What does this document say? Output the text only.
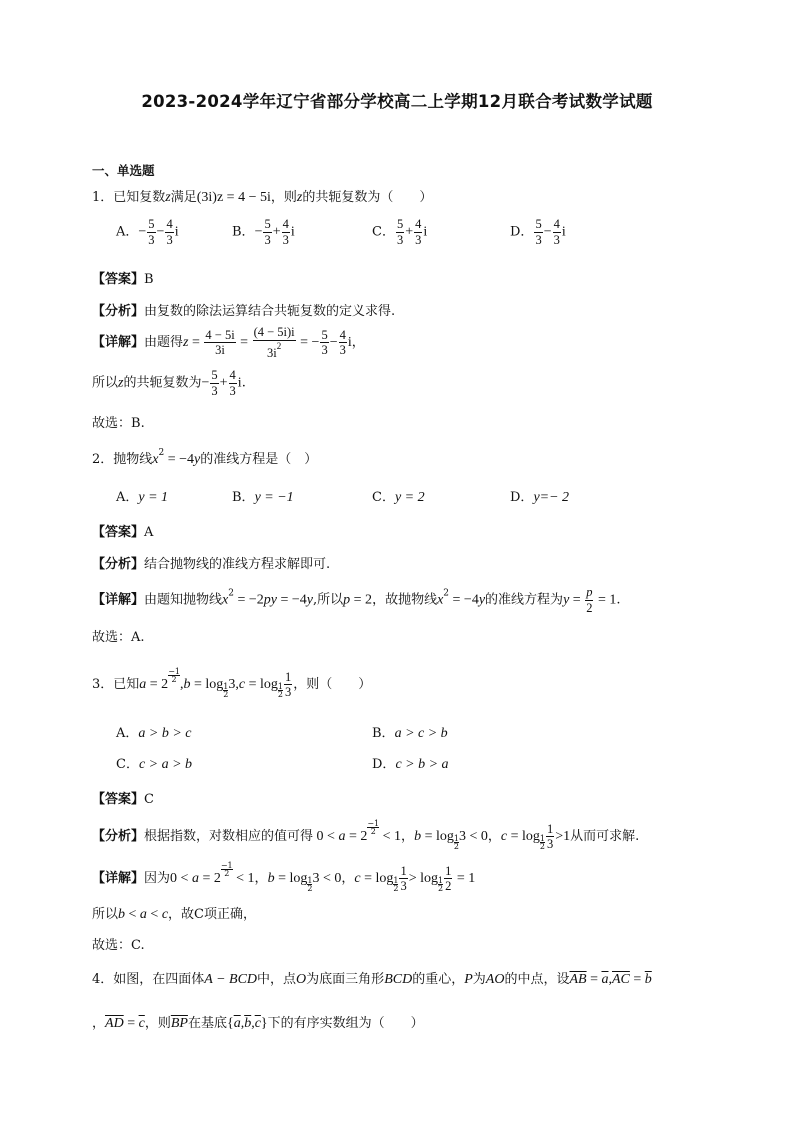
2023-2024学年辽宁省部分学校高二上学期12月联合考试数学试题
一、单选题
1．已知复数z满足(3i)z = 4 − 5i，则z的共轭复数为（　　）
A．− $\frac{5}{3} - \frac{4}{3}$ i	B．− $\frac{5}{3} + \frac{4}{3}$ i	C． $\frac{5}{3} + \frac{4}{3}$ i	D． $\frac{5}{3} - \frac{4}{3}$ i
【答案】B
【分析】由复数的除法运算结合共轭复数的定义求得.
【详解】由题得$z = \frac{4 - 5i}{3i} = \frac{(4 - 5i)i}{3i^2}$ = − $\frac{5}{3} - \frac{4}{3}$ i，
所以z的共轭复数为− $\frac{5}{3} + \frac{4}{3} i$.
故选：B.
2．抛物线$x^2 = -4y$的准线方程是（　）
A．y = 1	B．y = −1	C．y = 2	D．y=− 2
【答案】A
【分析】结合抛物线的准线方程求解即可.
【详解】由题知抛物线$x^2 = -2py = -4y$,所以p = 2，故抛物线$x^2 = -4y$的准线方程为$y = \frac{p}{2} = 1$.
故选：A.
3．已知a = 2
$\frac{-1}{2}$
$,b = \log \frac{1}{2} 3,c = \log \frac{1}{2} \frac{1}{3}$ ，则（　　）
A．a > b > c	B．a > c > b
C．c > a > b	D．c > b > a
【答案】C
【分析】根据指数，对数相应的值可得 0 < a = 2
$\frac{-1}{2}$
< 1，$b = \log \frac{1}{2} 3 < 0$，$c = \log \frac{1}{2} \frac{1}{3} >1$从而可求解.
【详解】因为0 < a = 2
$\frac{-1}{2}$
< 1，$b = \log \frac{1}{2} 3 < 0$，$c = \log \frac{1}{2} \frac{1}{3} > \log \frac{1}{2} \frac{1}{2} = 1$
所以b < a < c，故C项正确，
故选：C.
4．如图，在四面体A − BCD中，点O为底面三角形BCD的重心，P为AO的中点，设$\overline{AB} = \overline{a},\overline{AC} = \overline{b}$
，$\overline{AD} = \overline{c}$，则$\overline{BP}$在基底$\{\overline{a},\overline{b},\overline{c}\}$下的有序实数组为（　　）
